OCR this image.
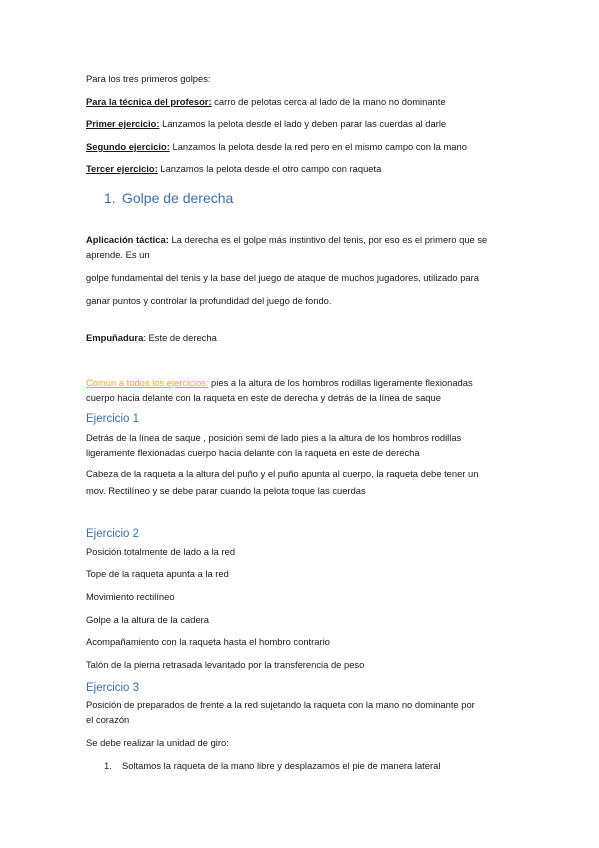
Para los tres primeros golpes:
Para la técnica del profesor: carro de pelotas cerca al lado de la mano no dominante
Primer ejercicio: Lanzamos la pelota desde el lado y deben parar las cuerdas al darle
Segundo ejercicio: Lanzamos la pelota desde la red pero en el mismo campo con la mano
Tercer ejercicio: Lanzamos la pelota desde el otro campo con raqueta
1. Golpe de derecha
Aplicación táctica: La derecha es el golpe más instintivo del tenis, por eso es el primero que se
aprende. Es un
golpe fundamental del tenis y la base del juego de ataque de muchos jugadores, utilizado para
ganar puntos y controlar la profundidad del juego de fondo.
Empuñadura: Este de derecha
Común a todos los ejercicios: pies a la altura de los hombros rodillas ligeramente flexionadas
cuerpo hacia delante con la raqueta en este de derecha y detrás de la línea de saque
Ejercicio 1
Detrás de la línea de saque , posición semi de lado pies a la altura de los hombros rodillas
ligeramente flexionadas cuerpo hacia delante con la raqueta en este de derecha
Cabeza de la raqueta a la altura del puño y el puño apunta al cuerpo, la raqueta debe tener un
mov. Rectilíneo y se debe parar cuando la pelota toque las cuerdas
Ejercicio 2
Posición totalmente de lado a la red
Tope de la raqueta apunta a la red
Movimiento rectilíneo
Golpe a la altura de la cadera
Acompañamiento con la raqueta hasta el hombro contrario
Talón de la pierna retrasada levantado por la transferencia de peso
Ejercicio 3
Posición de preparados de frente a la red sujetando la raqueta con la mano no dominante por
el corazón
Se debe realizar la unidad de giro:
1. Soltamos la raqueta de la mano libre y desplazamos el pie de manera lateral
